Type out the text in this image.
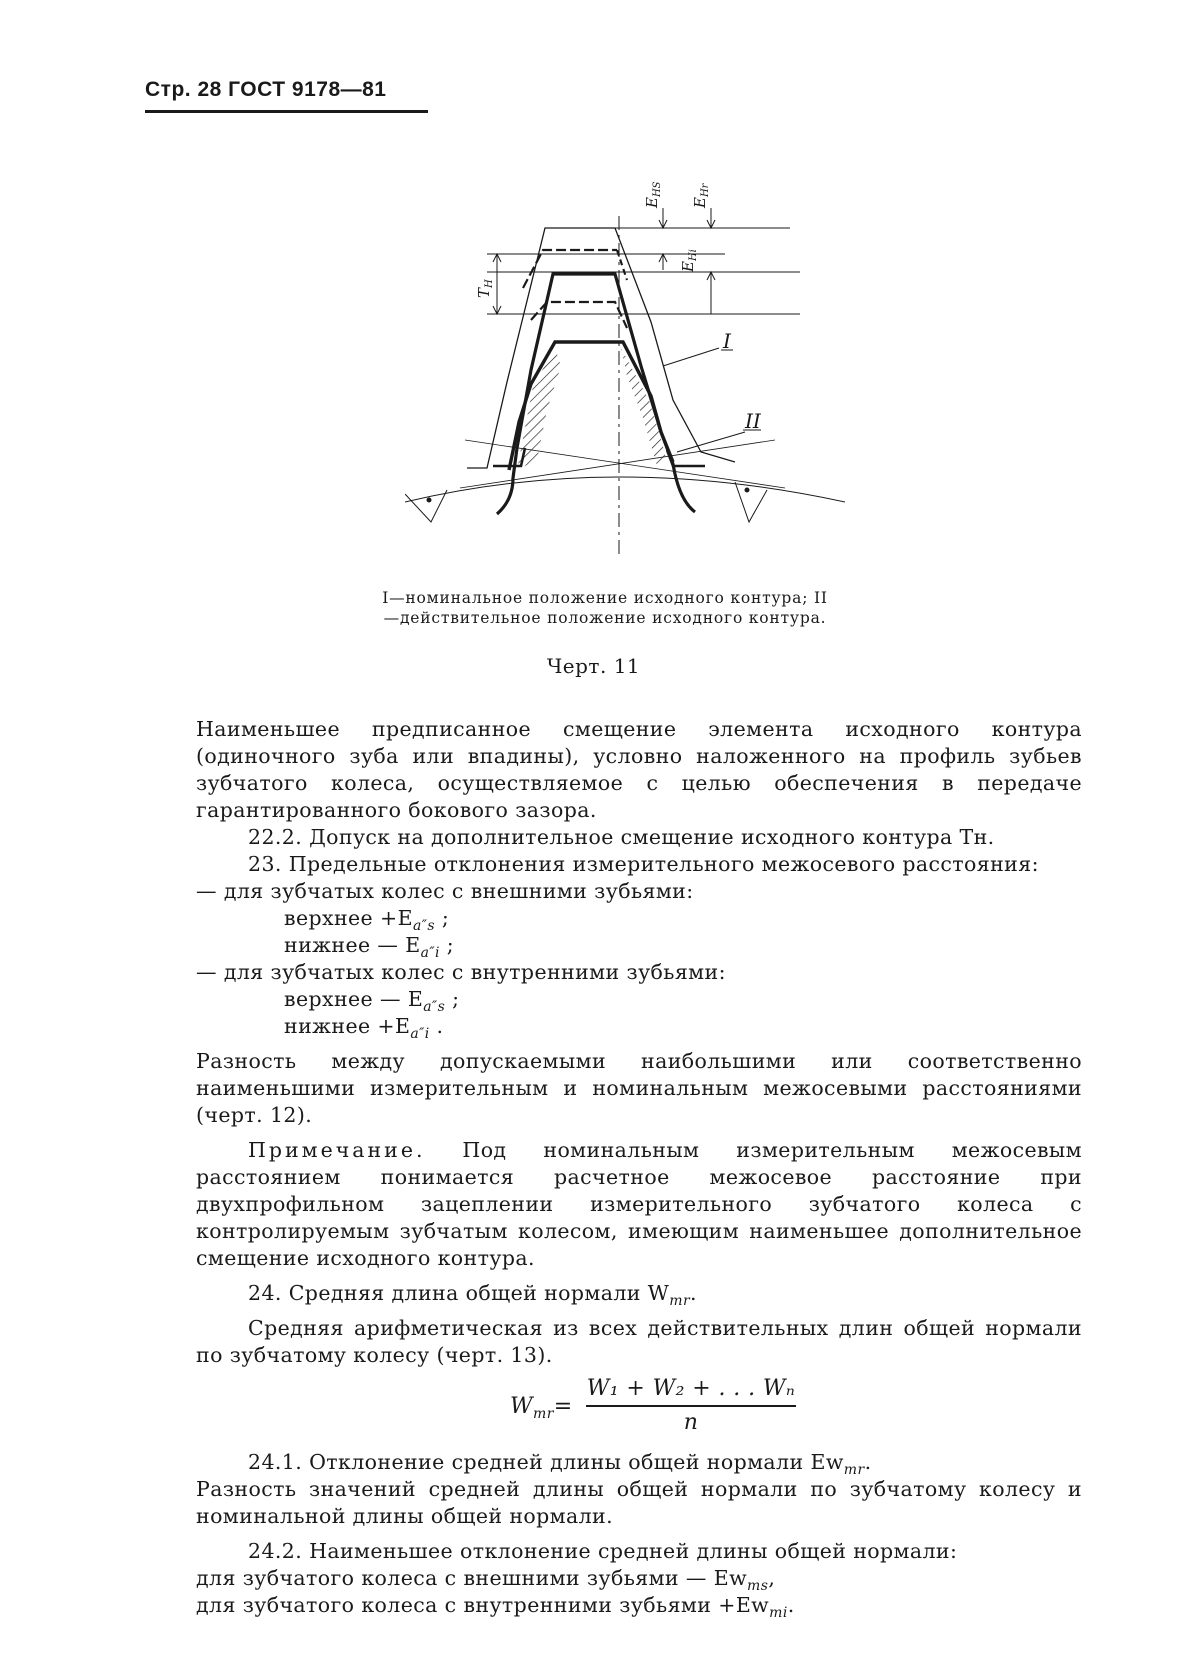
Стр. 28 ГОСТ 9178—81
$E_{HS}$
$E_{Hr}$
$E_{Hi}$
$T_H$
I
II
I—номинальное положение исходного контура; II—действительное положение исходного контура.
Черт. 11

Наименьшее предписанное смещение элемента исходного контура (одиночного зуба или впадины), условно наложенного на профиль зубьев зубчатого колеса, осуществляемое с целью обеспечения в передаче гарантированного бокового зазора.

22.2. Допуск на дополнительное смещение исходного контура Tн.

23. Предельные отклонения измерительного межосевого расстояния:

— для зубчатых колес с внешними зубьями:

верхнее $+E_{a''s}$ ;

нижнее — $E_{a''i}$ ;

— для зубчатых колес с внутренними зубьями:

верхнее — $E_{a''s}$ ;

нижнее $+E_{a''i}$ .

Разность между допускаемыми наибольшими или соответственно наименьшими измерительным и номинальным межосевыми расстояниями (черт. 12).

Примечание. Под номинальным измерительным межосевым расстоянием понимается расчетное межосевое расстояние при двухпрофильном зацеплении измерительного зубчатого колеса с контролируемым зубчатым колесом, имеющим наименьшее дополнительное смещение исходного контура.

24. Средняя длина общей нормали $W_{mr}$.

Средняя арифметическая из всех действительных длин общей нормали по зубчатому колесу (черт. 13).

$W_{mr}=$
W₁ + W₂ + . . . Wₙ
n

24.1. Отклонение средней длины общей нормали $Ew_{mr}$.

Разность значений средней длины общей нормали по зубчатому колесу и номинальной длины общей нормали.

24.2. Наименьшее отклонение средней длины общей нормали:

для зубчатого колеса с внешними зубьями — $Ew_{ms}$,

для зубчатого колеса с внутренними зубьями $+Ew_{mi}$.
